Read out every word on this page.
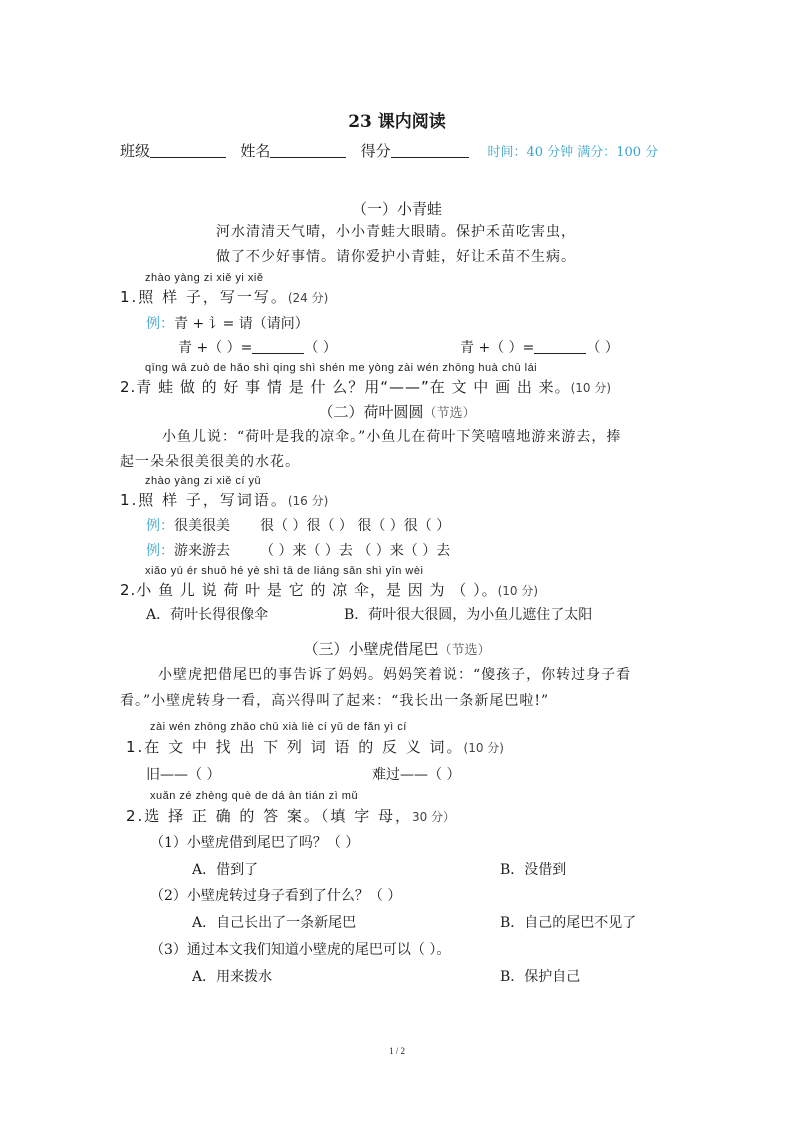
23 课内阅读
班级	姓名	得分	时间：40 分钟 满分：100 分
（一）小青蛙
河水清清天气晴，小小青蛙大眼睛。保护禾苗吃害虫，
做了不少好事情。请你爱护小青蛙，好让禾苗不生病。
zhào yàng zi xiě yi xiě
1.照 样 子，写一写。(24 分)
例：青 + 讠= 请（请问）
青 +（ ）=	（ ）	青 +（ ）=	（ ）
qīng wā zuò de hǎo shì qing shì shén me yòng zài wén zhōng huà chū lái
2.青 蛙 做 的 好 事 情 是 什 么？用“——”在 文 中 画 出 来。(10 分)
（二）荷叶圆圆（节选）
小鱼儿说：“荷叶是我的凉伞。”小鱼儿在荷叶下笑嘻嘻地游来游去，捧
起一朵朵很美很美的水花。
zhào yàng zi xiě cí yǔ
1.照 样 子，写词语。(16 分)
例：很美很美 很（ ）很（ ） 很（ ）很（ ）
例：游来游去 （ ）来（ ）去 （ ）来（ ）去
xiǎo yú ér shuō hé yè shì tā de liáng sǎn shì yīn wèi
2.小 鱼 儿 说 荷 叶 是 它 的 凉 伞，是 因 为 （ ）。(10 分)
A．荷叶长得很像伞	B．荷叶很大很圆，为小鱼儿遮住了太阳
（三）小壁虎借尾巴（节选）
小壁虎把借尾巴的事告诉了妈妈。妈妈笑着说：“傻孩子，你转过身子看
看。”小壁虎转身一看，高兴得叫了起来：“我长出一条新尾巴啦!”
zài wén zhōng zhǎo chū xià liè cí yǔ de fǎn yì cí
1.在 文 中 找 出 下 列 词 语 的 反 义 词。(10 分)
旧——（ ）	难过——（ ）
xuǎn zé zhèng què de dá àn tián zì mǔ
2.选 择 正 确 的 答 案。（填 字 母，30 分）
（1）小壁虎借到尾巴了吗？（ ）
A．借到了	B．没借到
（2）小壁虎转过身子看到了什么？（ ）
A．自己长出了一条新尾巴	B．自己的尾巴不见了
（3）通过本文我们知道小壁虎的尾巴可以（ ）。
A．用来拨水	B．保护自己
1 / 2
